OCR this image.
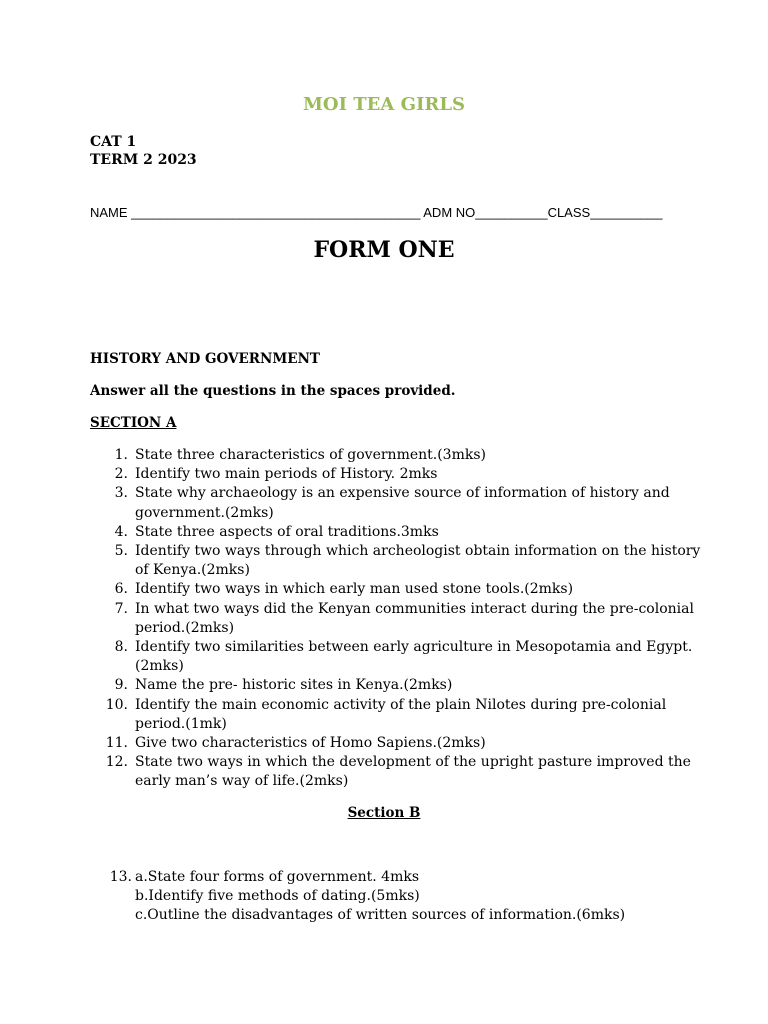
MOI TEA GIRLS
CAT 1
TERM 2 2023
NAME ________________________________________ ADM NO__________CLASS__________
FORM ONE
HISTORY AND GOVERNMENT
Answer all the questions in the spaces provided.
SECTION A
1. State three characteristics of government.(3mks)
2. Identify two main periods of History. 2mks
3. State why archaeology is an expensive source of information of history and
government.(2mks)
4. State three aspects of oral traditions.3mks
5. Identify two ways through which archeologist obtain information on the history
of Kenya.(2mks)
6. Identify two ways in which early man used stone tools.(2mks)
7. In what two ways did the Kenyan communities interact during the pre-colonial
period.(2mks)
8. Identify two similarities between early agriculture in Mesopotamia and Egypt.
(2mks)
9. Name the pre- historic sites in Kenya.(2mks)
10. Identify the main economic activity of the plain Nilotes during pre-colonial
period.(1mk)
11. Give two characteristics of Homo Sapiens.(2mks)
12. State two ways in which the development of the upright pasture improved the
early man’s way of life.(2mks)
Section B
13. a.State four forms of government. 4mks
b.Identify five methods of dating.(5mks)
c.Outline the disadvantages of written sources of information.(6mks)
